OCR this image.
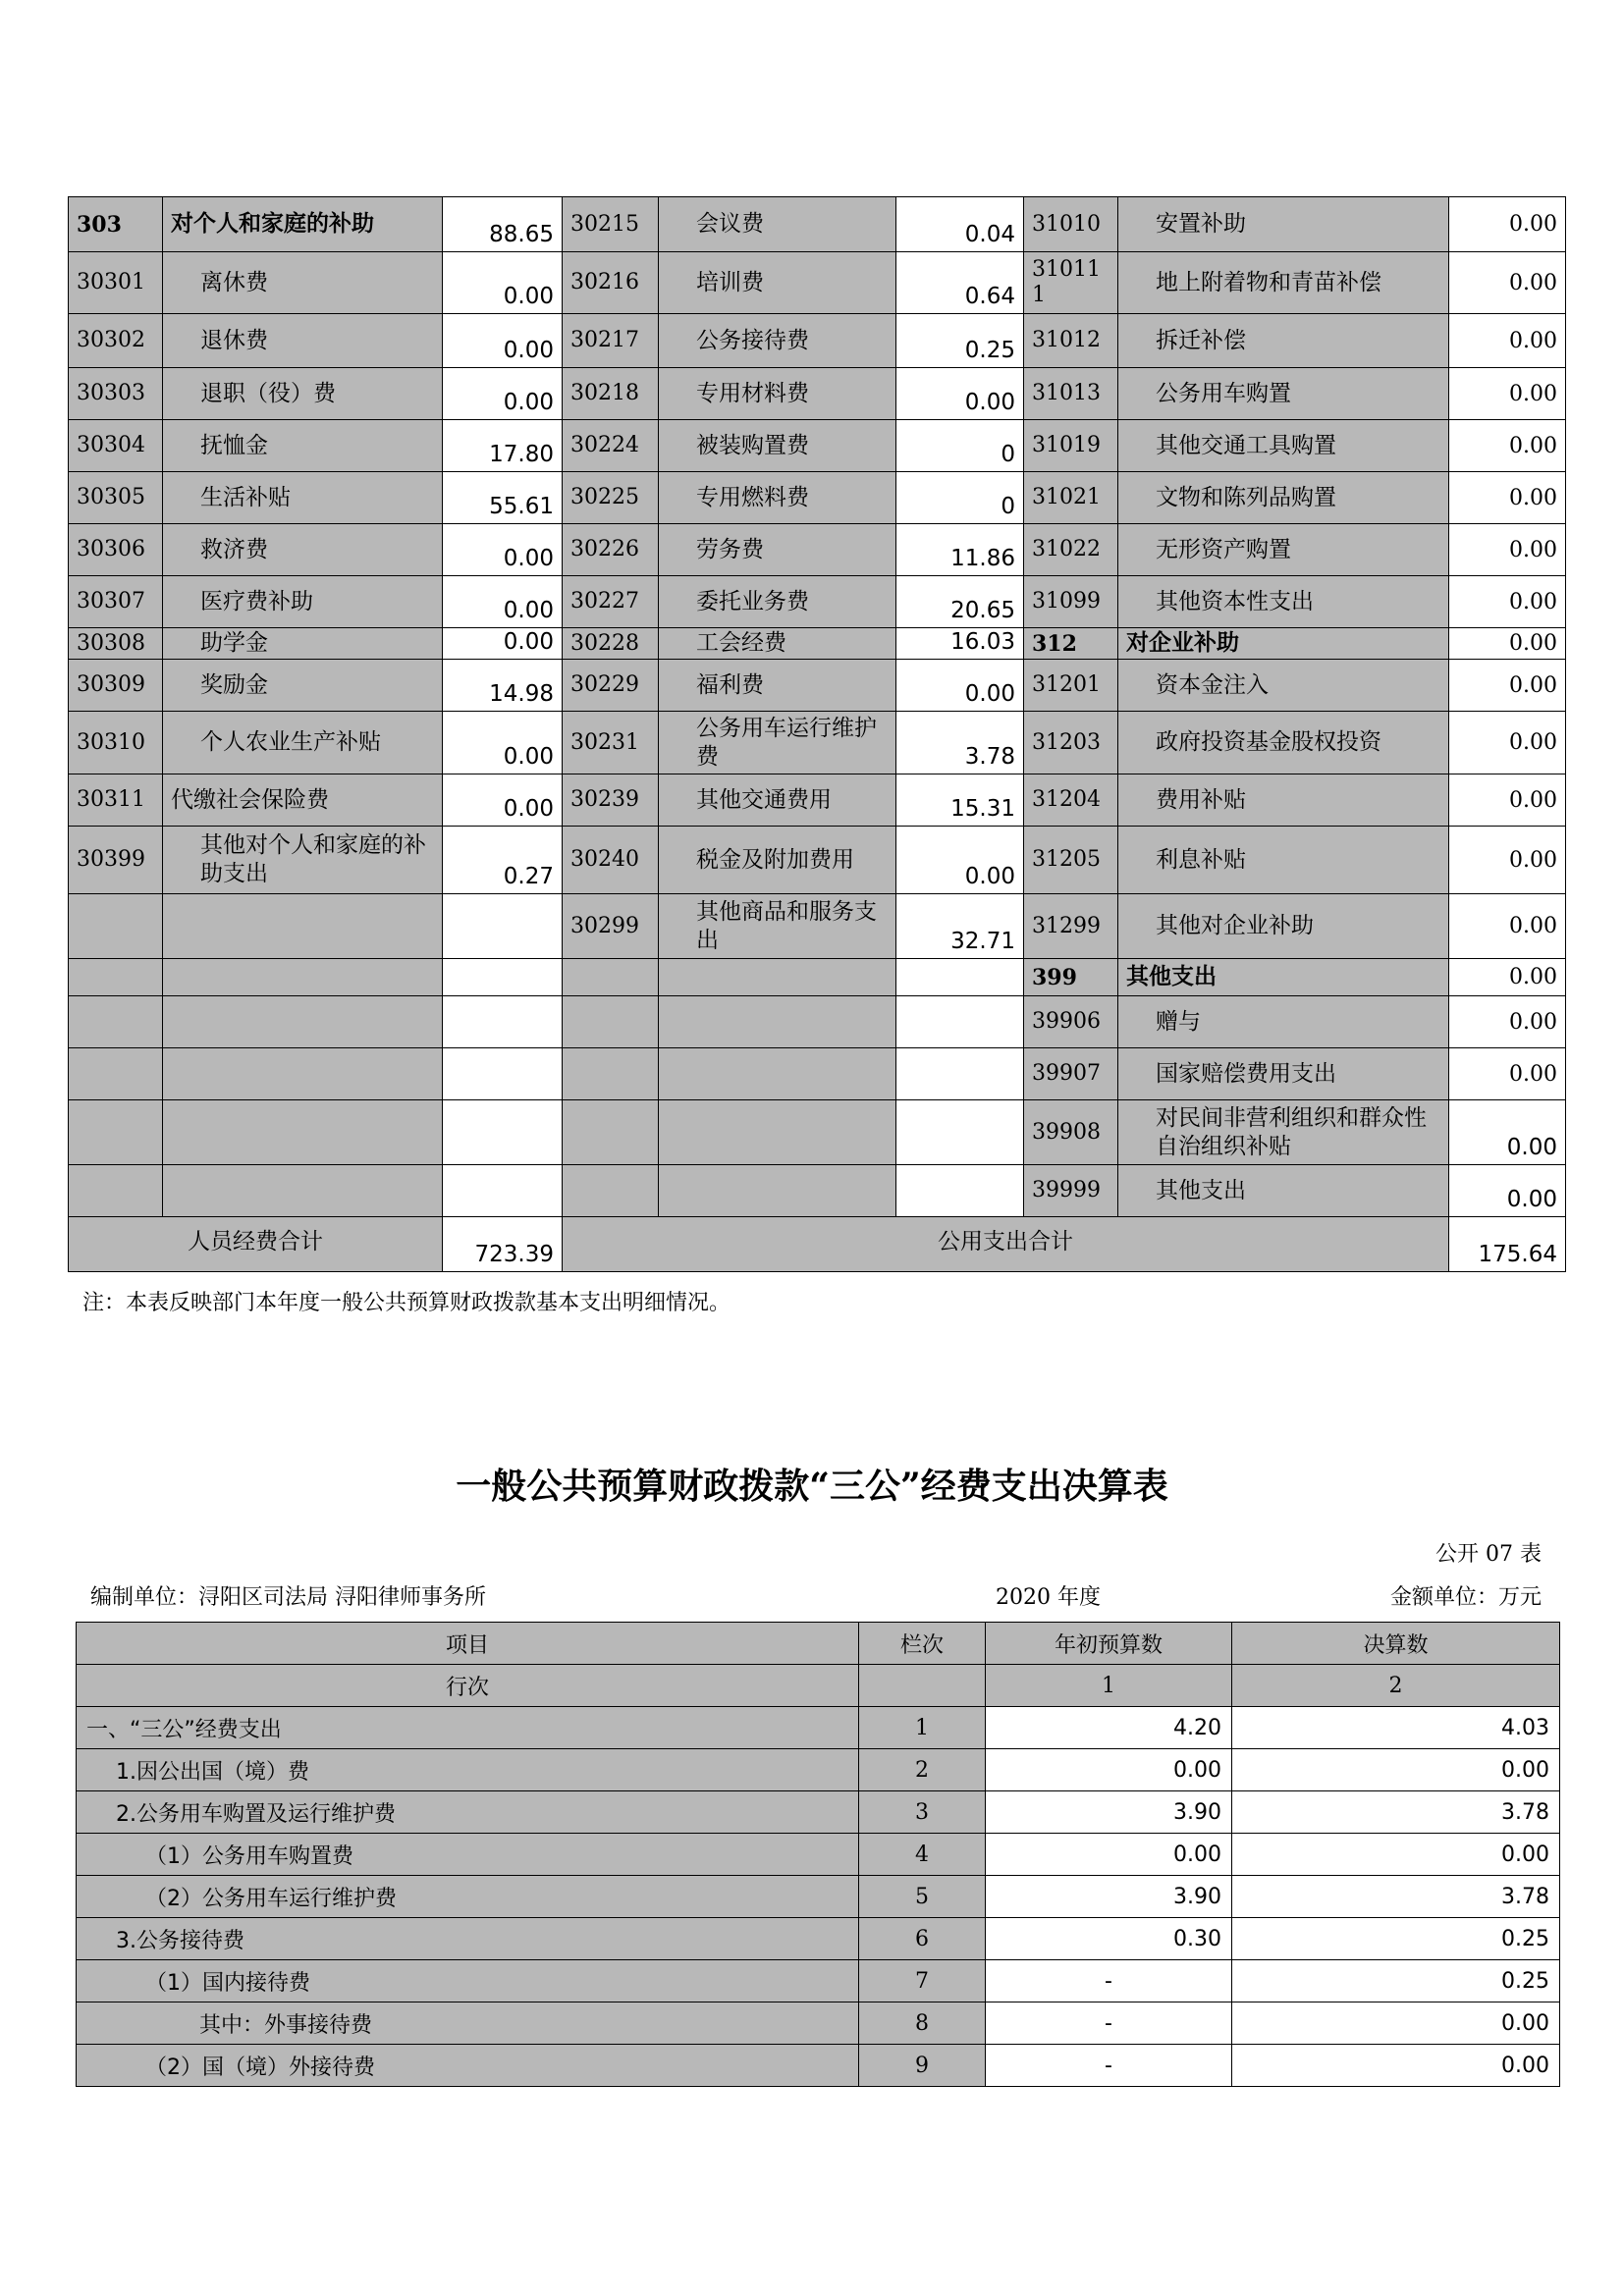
303	对个人和家庭的补助	88.65	30215	会议费	0.04	31010	安置补助	0.00
30301	离休费	0.00	30216	培训费	0.64	310111	地上附着物和青苗补偿	0.00
30302	退休费	0.00	30217	公务接待费	0.25	31012	拆迁补偿	0.00
30303	退职（役）费	0.00	30218	专用材料费	0.00	31013	公务用车购置	0.00
30304	抚恤金	17.80	30224	被装购置费	0	31019	其他交通工具购置	0.00
30305	生活补贴	55.61	30225	专用燃料费	0	31021	文物和陈列品购置	0.00
30306	救济费	0.00	30226	劳务费	11.86	31022	无形资产购置	0.00
30307	医疗费补助	0.00	30227	委托业务费	20.65	31099	其他资本性支出	0.00
30308	助学金	0.00	30228	工会经费	16.03	312	对企业补助	0.00
30309	奖励金	14.98	30229	福利费	0.00	31201	资本金注入	0.00
30310	个人农业生产补贴	0.00	30231	公务用车运行维护费	3.78	31203	政府投资基金股权投资	0.00
30311	代缴社会保险费	0.00	30239	其他交通费用	15.31	31204	费用补贴	0.00
30399	其他对个人和家庭的补助支出	0.27	30240	税金及附加费用	0.00	31205	利息补贴	0.00
			30299	其他商品和服务支出	32.71	31299	其他对企业补助	0.00
						399	其他支出	0.00
						39906	赠与	0.00
						39907	国家赔偿费用支出	0.00
						39908	对民间非营利组织和群众性自治组织补贴	0.00
						39999	其他支出	0.00
人员经费合计		723.39	公用支出合计					175.64
注：本表反映部门本年度一般公共预算财政拨款基本支出明细情况。
一般公共预算财政拨款“三公”经费支出决算表
公开 07 表
编制单位：浔阳区司法局 浔阳律师事务所	2020 年度	金额单位：万元
项目	栏次	年初预算数	决算数
行次		1	2
一、“三公”经费支出	1	4.20	4.03
1.因公出国（境）费	2	0.00	0.00
2.公务用车购置及运行维护费	3	3.90	3.78
（1）公务用车购置费	4	0.00	0.00
（2）公务用车运行维护费	5	3.90	3.78
3.公务接待费	6	0.30	0.25
（1）国内接待费	7	-	0.25
其中：外事接待费	8	-	0.00
（2）国（境）外接待费	9	-	0.00
